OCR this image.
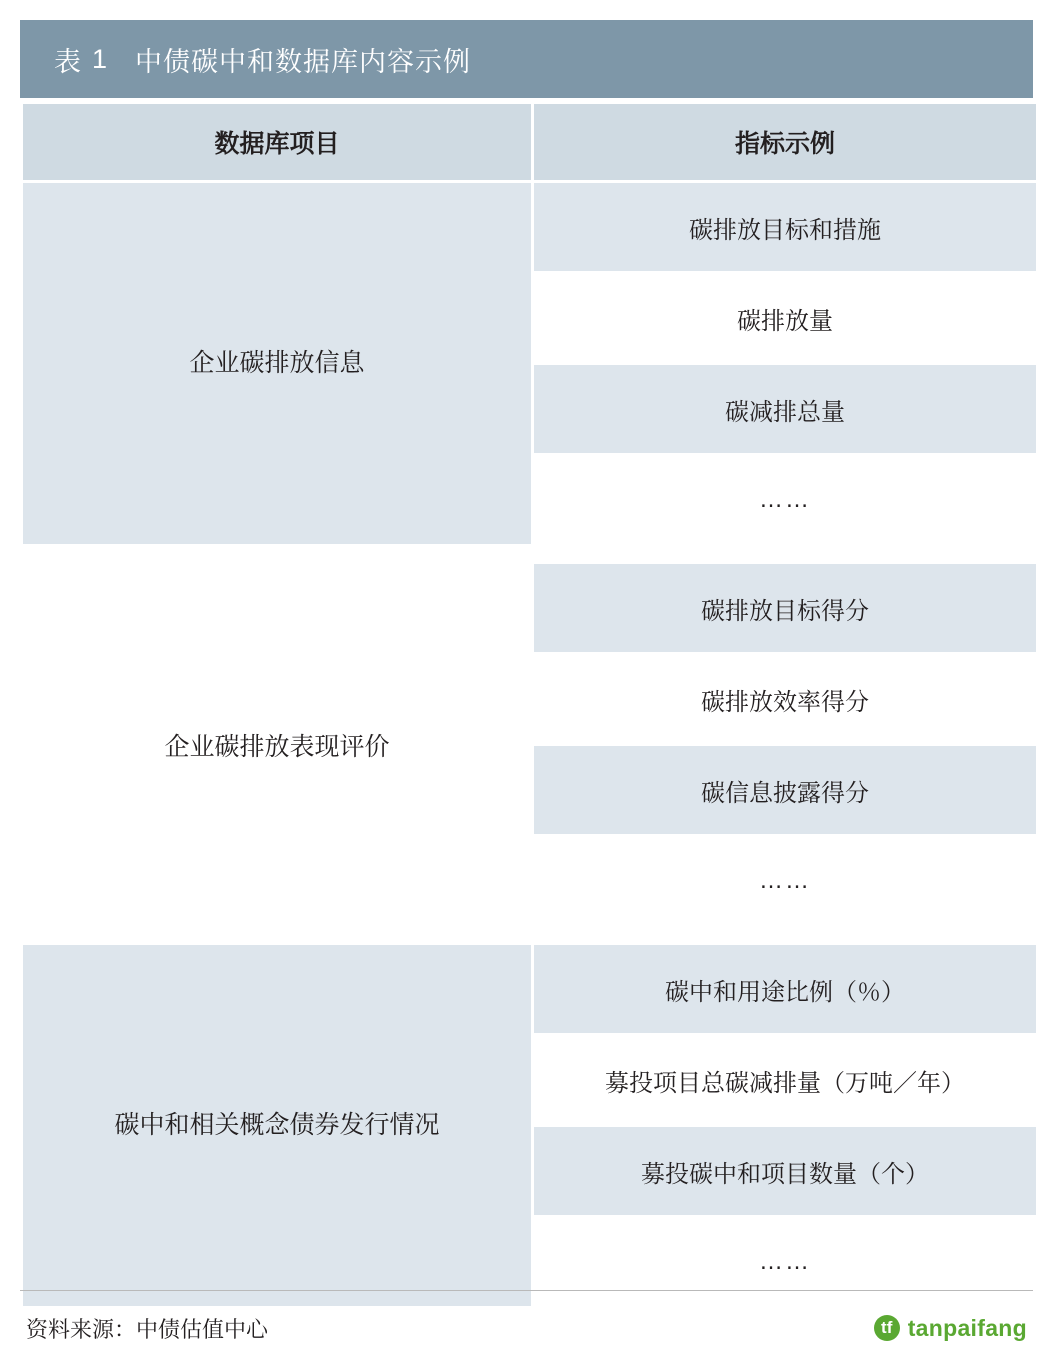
表 1 中债碳中和数据库内容示例
数据库项目	指标示例
企业碳排放信息	碳排放目标和措施
	碳排放量
	碳减排总量
	……

企业碳排放表现评价	碳排放目标得分
	碳排放效率得分
	碳信息披露得分
	……

碳中和相关概念债券发行情况	碳中和用途比例（％）
	募投项目总碳减排量（万吨／年）
	募投碳中和项目数量（个）
	……
资料来源：中债估值中心	tf tanpaifang
